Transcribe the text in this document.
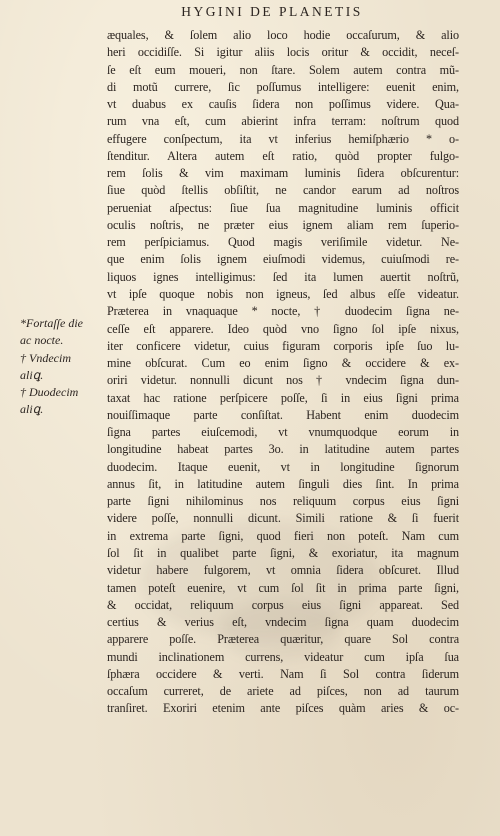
HYGINI DE PLANETIS
*Fortaſſe die
ac nocte.
† Vndecim
aliꝗ.
† Duodecim
aliꝗ.
æquales, & ſolem alio loco hodie occaſurum, & alio
heri occidiſſe. Si igitur aliis locis oritur & occidit, neceſ-
ſe eſt eum moueri, non ſtare. Solem autem contra mũ-
di motũ currere, ſic poſſumus intelligere: euenit enim,
vt duabus ex cauſis ſidera non poſſimus videre. Qua-
rum vna eſt, cum abierint infra terram: noſtrum quod
effugere conſpectum, ita vt inferius hemiſphærio * o-
ſtenditur. Altera autem eſt ratio, quòd propter fulgo-
rem ſolis & vim maximam luminis ſidera obſcurentur:
ſiue quòd ſtellis obſiſtit, ne candor earum ad noſtros
perueniat aſpectus: ſiue ſua magnitudine luminis officit
oculis noſtris, ne præter eius ignem aliam rem ſuperio-
rem perſpiciamus. Quod magis veriſimile videtur. Ne-
que enim ſolis ignem eiuſmodi videmus, cuiuſmodi re-
liquos ignes intelligimus: ſed ita lumen auertit noſtrũ,
vt ipſe quoque nobis non igneus, ſed albus eſſe videatur.
Præterea in vnaquaque * nocte, † duodecim ſigna ne-
ceſſe eſt apparere. Ideo quòd vno ſigno ſol ipſe nixus,
iter conficere videtur, cuius figuram corporis ipſe ſuo lu-
mine obſcurat. Cum eo enim ſigno & occidere & ex-
oriri videtur. nonnulli dicunt nos † vndecim ſigna dun-
taxat hac ratione perſpicere poſſe, ſi in eius ſigni prima
nouiſſimaque parte conſiſtat. Habent enim duodecim
ſigna partes eiuſcemodi, vt vnumquodque eorum in
longitudine habeat partes 3o. in latitudine autem partes
duodecim. Itaque euenit, vt in longitudine ſignorum
annus ſit, in latitudine autem ſinguli dies ſint. In prima
parte ſigni nihilominus nos reliquum corpus eius ſigni
videre poſſe, nonnulli dicunt. Simili ratione & ſi fuerit
in extrema parte ſigni, quod fieri non poteſt. Nam cum
ſol ſit in qualibet parte ſigni, & exoriatur, ita magnum
videtur habere fulgorem, vt omnia ſidera obſcuret. Illud
tamen poteſt euenire, vt cum ſol ſit in prima parte ſigni,
& occidat, reliquum corpus eius ſigni appareat. Sed
certius & verius eſt, vndecim ſigna quam duodecim
apparere poſſe. Præterea quæritur, quare Sol contra
mundi inclinationem currens, videatur cum ipſa ſua
ſphæra occidere & verti. Nam ſi Sol contra ſiderum
occaſum curreret, de ariete ad piſces, non ad taurum
tranſiret. Exoriri etenim ante piſces quàm aries & oc-
